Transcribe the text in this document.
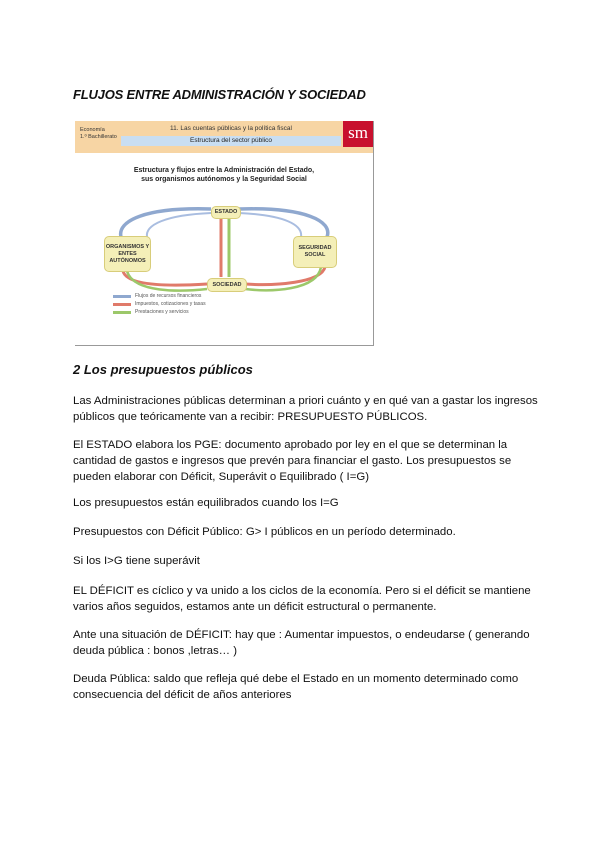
FLUJOS ENTRE ADMINISTRACIÓN Y SOCIEDAD
Economía
1.º Bachillerato
11. Las cuentas públicas y la política fiscal
Estructura del sector público	sm
Estructura y flujos entre la Administración del Estado,
sus organismos autónomos y la Seguridad Social
ESTADO
ORGANISMOS Y ENTES AUTÓNOMOS
SEGURIDAD SOCIAL
SOCIEDAD
Flujos de recursos financieros
Impuestos, cotizaciones y tasas
Prestaciones y servicios
2 Los presupuestos públicos
Las Administraciones públicas determinan a priori cuánto y en qué van a gastar los ingresos públicos que teóricamente van a recibir: PRESUPUESTO PÚBLICOS.
El ESTADO elabora los PGE: documento aprobado por ley en el que se determinan la cantidad de gastos e ingresos que prevén para financiar el gasto. Los presupuestos se pueden elaborar con Déficit, Superávit o Equilibrado ( I=G)
Los presupuestos están equilibrados cuando los I=G
Presupuestos con Déficit Público: G> I públicos en un período determinado.
Si los I>G tiene superávit
EL DÉFICIT es cíclico y va unido a los ciclos de la economía. Pero si el déficit se mantiene varios años seguidos, estamos ante un déficit estructural o permanente.
Ante una situación de DÉFICIT: hay que : Aumentar impuestos, o endeudarse ( generando deuda pública : bonos ,letras… )
Deuda Pública: saldo que refleja qué debe el Estado en un momento determinado como consecuencia del déficit de años anteriores
